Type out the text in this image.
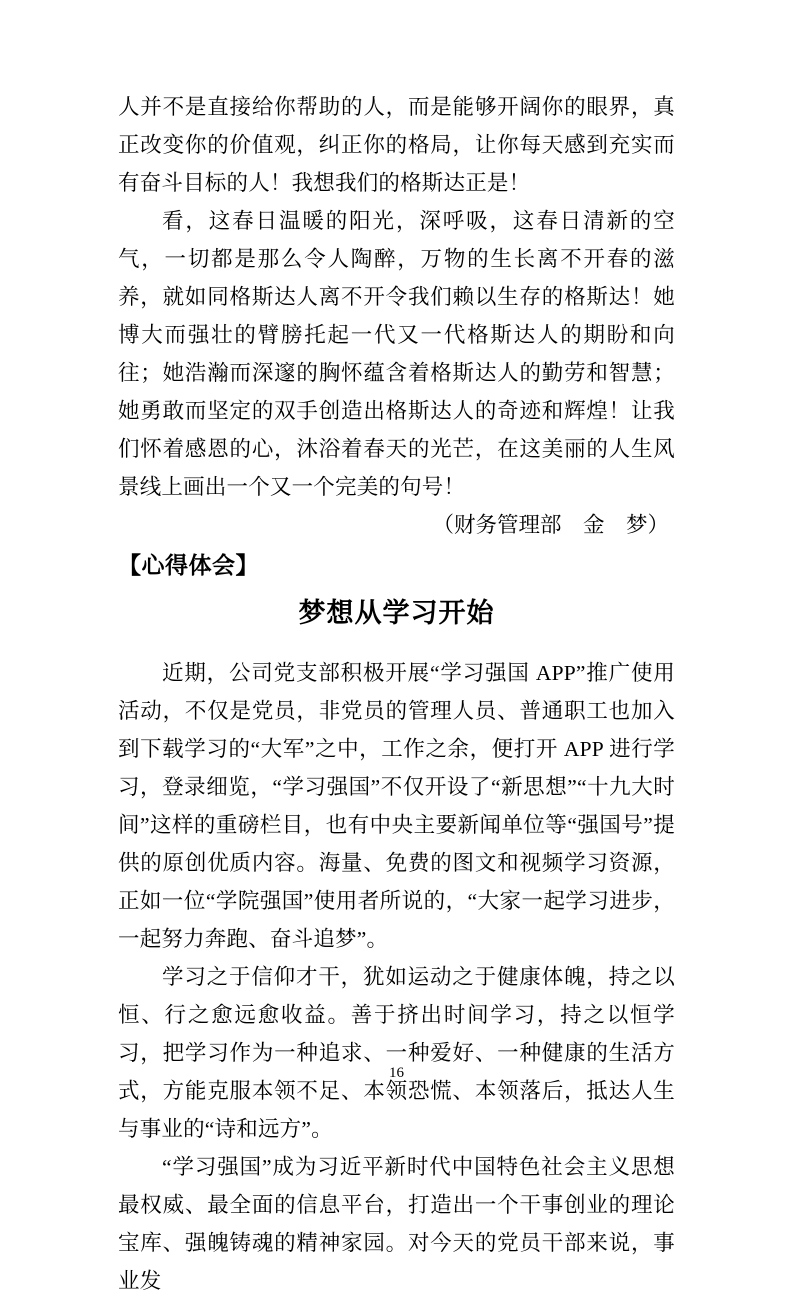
人并不是直接给你帮助的人，而是能够开阔你的眼界，真正改变你的价值观，纠正你的格局，让你每天感到充实而有奋斗目标的人！我想我们的格斯达正是！

看，这春日温暖的阳光，深呼吸，这春日清新的空气，一切都是那么令人陶醉，万物的生长离不开春的滋养，就如同格斯达人离不开令我们赖以生存的格斯达！她博大而强壮的臂膀托起一代又一代格斯达人的期盼和向往；她浩瀚而深邃的胸怀蕴含着格斯达人的勤劳和智慧；她勇敢而坚定的双手创造出格斯达人的奇迹和辉煌！让我们怀着感恩的心，沐浴着春天的光芒，在这美丽的人生风景线上画出一个又一个完美的句号！

（财务管理部　金　梦）

【心得体会】

梦想从学习开始

近期，公司党支部积极开展“学习强国 APP”推广使用活动，不仅是党员，非党员的管理人员、普通职工也加入到下载学习的“大军”之中，工作之余，便打开 APP 进行学习，登录细览，“学习强国”不仅开设了“新思想”“十九大时间”这样的重磅栏目，也有中央主要新闻单位等“强国号”提供的原创优质内容。海量、免费的图文和视频学习资源，正如一位“学院强国”使用者所说的，“大家一起学习进步，一起努力奔跑、奋斗追梦”。

学习之于信仰才干，犹如运动之于健康体魄，持之以恒、行之愈远愈收益。善于挤出时间学习，持之以恒学习，把学习作为一种追求、一种爱好、一种健康的生活方式，方能克服本领不足、本领恐慌、本领落后，抵达人生与事业的“诗和远方”。

“学习强国”成为习近平新时代中国特色社会主义思想最权威、最全面的信息平台，打造出一个干事创业的理论宝库、强魄铸魂的精神家园。对今天的党员干部来说，事业发

16
